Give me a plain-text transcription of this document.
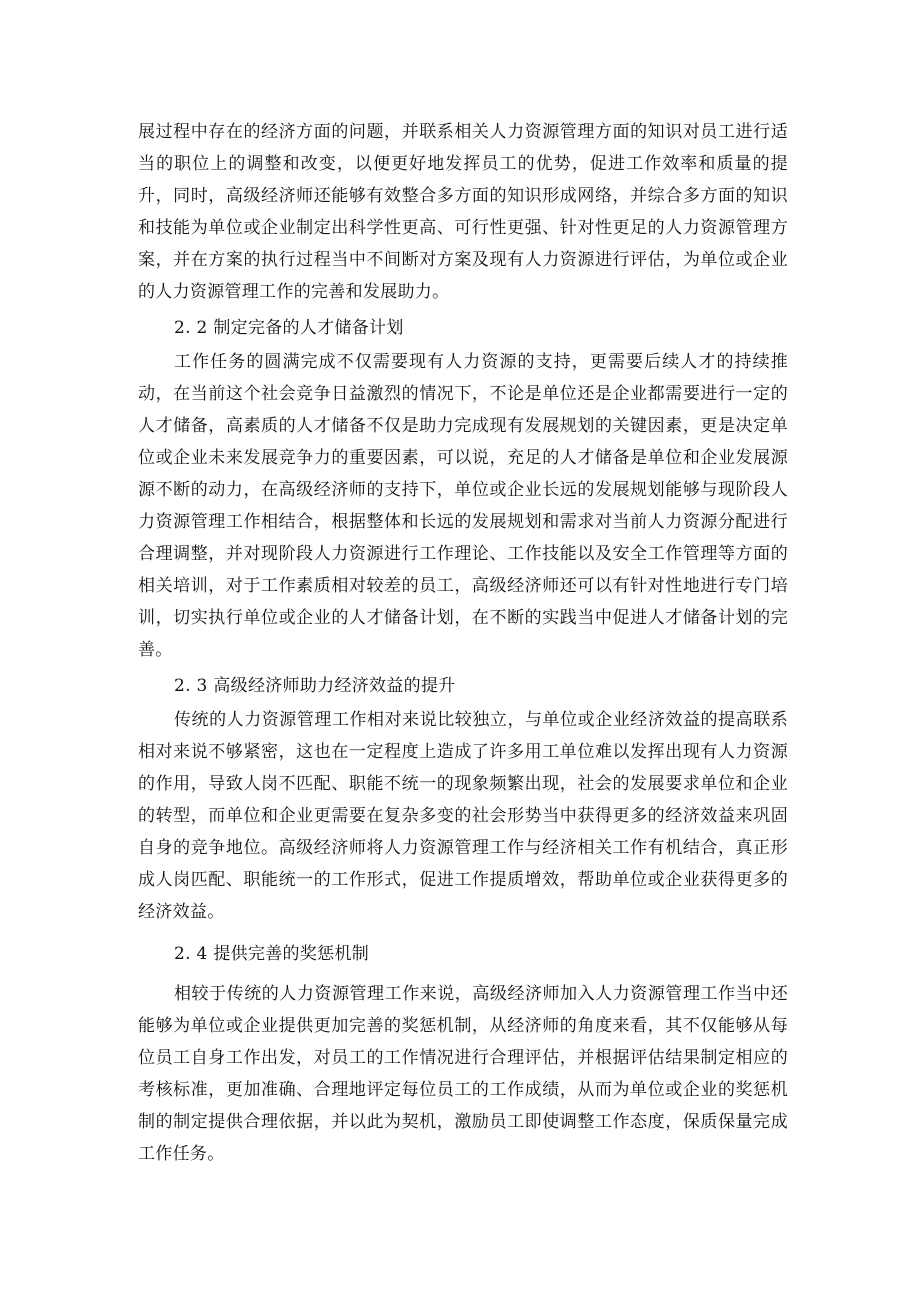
展过程中存在的经济方面的问题，并联系相关人力资源管理方面的知识对员工进行适当的职位上的调整和改变，以便更好地发挥员工的优势，促进工作效率和质量的提升，同时，高级经济师还能够有效整合多方面的知识形成网络，并综合多方面的知识和技能为单位或企业制定出科学性更高、可行性更强、针对性更足的人力资源管理方案，并在方案的执行过程当中不间断对方案及现有人力资源进行评估，为单位或企业的人力资源管理工作的完善和发展助力。

2. 2 制定完备的人才储备计划

工作任务的圆满完成不仅需要现有人力资源的支持，更需要后续人才的持续推动，在当前这个社会竞争日益激烈的情况下，不论是单位还是企业都需要进行一定的人才储备，高素质的人才储备不仅是助力完成现有发展规划的关键因素，更是决定单位或企业未来发展竞争力的重要因素，可以说，充足的人才储备是单位和企业发展源源不断的动力，在高级经济师的支持下，单位或企业长远的发展规划能够与现阶段人力资源管理工作相结合，根据整体和长远的发展规划和需求对当前人力资源分配进行合理调整，并对现阶段人力资源进行工作理论、工作技能以及安全工作管理等方面的相关培训，对于工作素质相对较差的员工，高级经济师还可以有针对性地进行专门培训，切实执行单位或企业的人才储备计划，在不断的实践当中促进人才储备计划的完善。

2. 3 高级经济师助力经济效益的提升

传统的人力资源管理工作相对来说比较独立，与单位或企业经济效益的提高联系相对来说不够紧密，这也在一定程度上造成了许多用工单位难以发挥出现有人力资源的作用，导致人岗不匹配、职能不统一的现象频繁出现，社会的发展要求单位和企业的转型，而单位和企业更需要在复杂多变的社会形势当中获得更多的经济效益来巩固自身的竞争地位。高级经济师将人力资源管理工作与经济相关工作有机结合，真正形成人岗匹配、职能统一的工作形式，促进工作提质增效，帮助单位或企业获得更多的经济效益。

2. 4 提供完善的奖惩机制

相较于传统的人力资源管理工作来说，高级经济师加入人力资源管理工作当中还能够为单位或企业提供更加完善的奖惩机制，从经济师的角度来看，其不仅能够从每位员工自身工作出发，对员工的工作情况进行合理评估，并根据评估结果制定相应的考核标准，更加准确、合理地评定每位员工的工作成绩，从而为单位或企业的奖惩机制的制定提供合理依据，并以此为契机，激励员工即使调整工作态度，保质保量完成工作任务。
